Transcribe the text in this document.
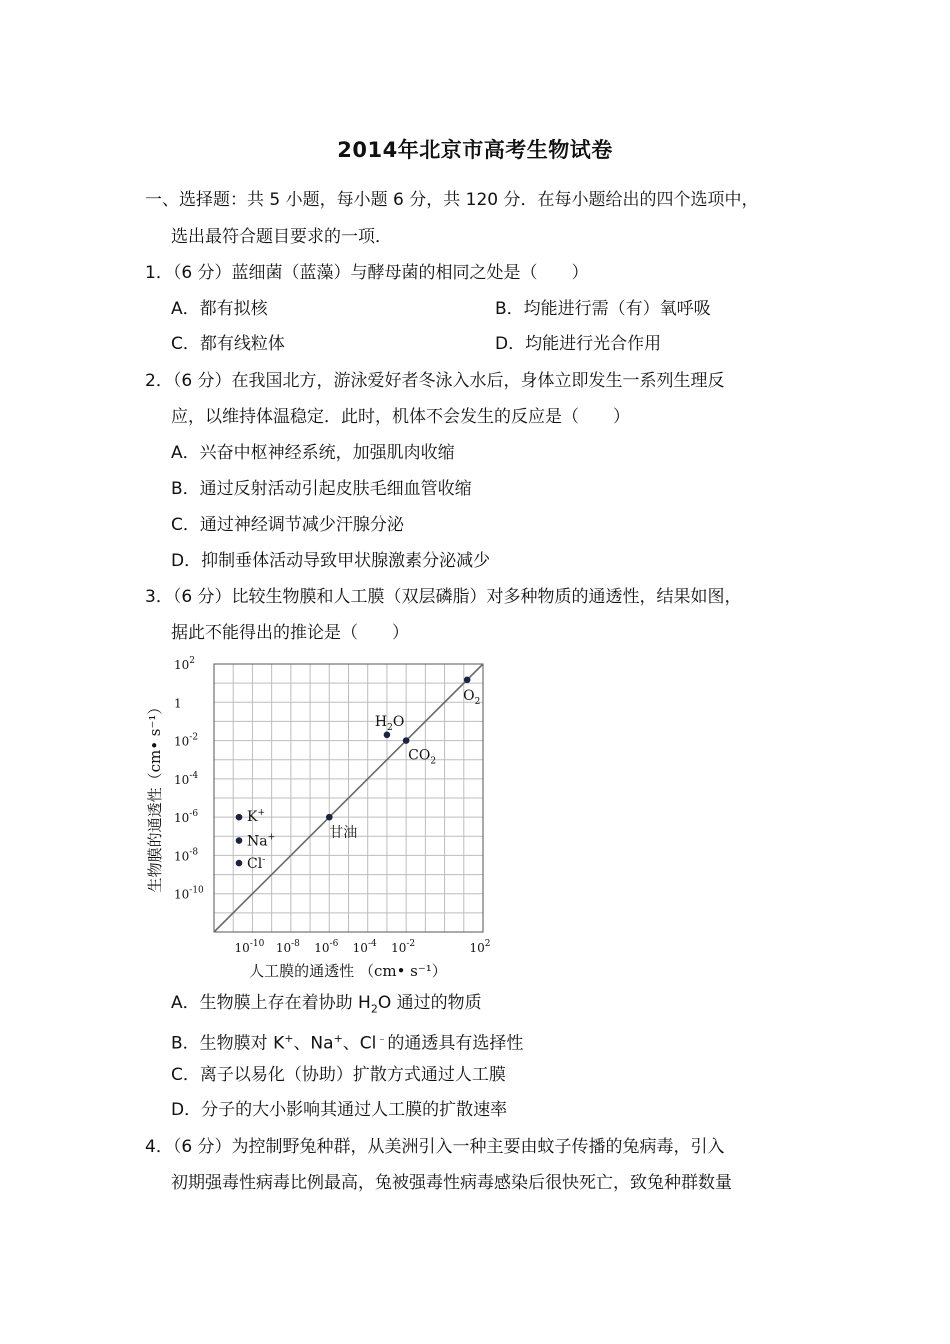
2014年北京市高考生物试卷
一、选择题：共 5 小题，每小题 6 分，共 120 分．在每小题给出的四个选项中，
选出最符合题目要求的一项．
1．（6 分）蓝细菌（蓝藻）与酵母菌的相同之处是（　　）
A．都有拟核	B．均能进行需（有）氧呼吸
C．都有线粒体	D．均能进行光合作用
2．（6 分）在我国北方，游泳爱好者冬泳入水后，身体立即发生一系列生理反
应，以维持体温稳定．此时，机体不会发生的反应是（　　）
A．兴奋中枢神经系统，加强肌肉收缩
B．通过反射活动引起皮肤毛细血管收缩
C．通过神经调节减少汗腺分泌
D．抑制垂体活动导致甲状腺激素分泌减少
3．（6 分）比较生物膜和人工膜（双层磷脂）对多种物质的通透性，结果如图，
据此不能得出的推论是（　　）
$10^{-10}$ $10^{-8}$ $10^{-6}$ $10^{-4}$ $10^{-2}$	$10^2$
$10^2$
1
$10^{-2}$
$10^{-4}$
$10^{-6}$
$10^{-8}$
$10^{-10}$
人工膜的通透性 （cm• s⁻¹）
生物膜的通透性（cm• s⁻¹）	K+
Na+
Cl-
甘油
$H_2O$
$CO_2$
$O_2$
A．生物膜上存在着协助 $H_2O$ 通过的物质
B．生物膜对 K+、Na+、Cl﹣的通透具有选择性
C．离子以易化（协助）扩散方式通过人工膜
D．分子的大小影响其通过人工膜的扩散速率
4．（6 分）为控制野兔种群，从美洲引入一种主要由蚊子传播的兔病毒，引入
初期强毒性病毒比例最高，兔被强毒性病毒感染后很快死亡，致兔种群数量
